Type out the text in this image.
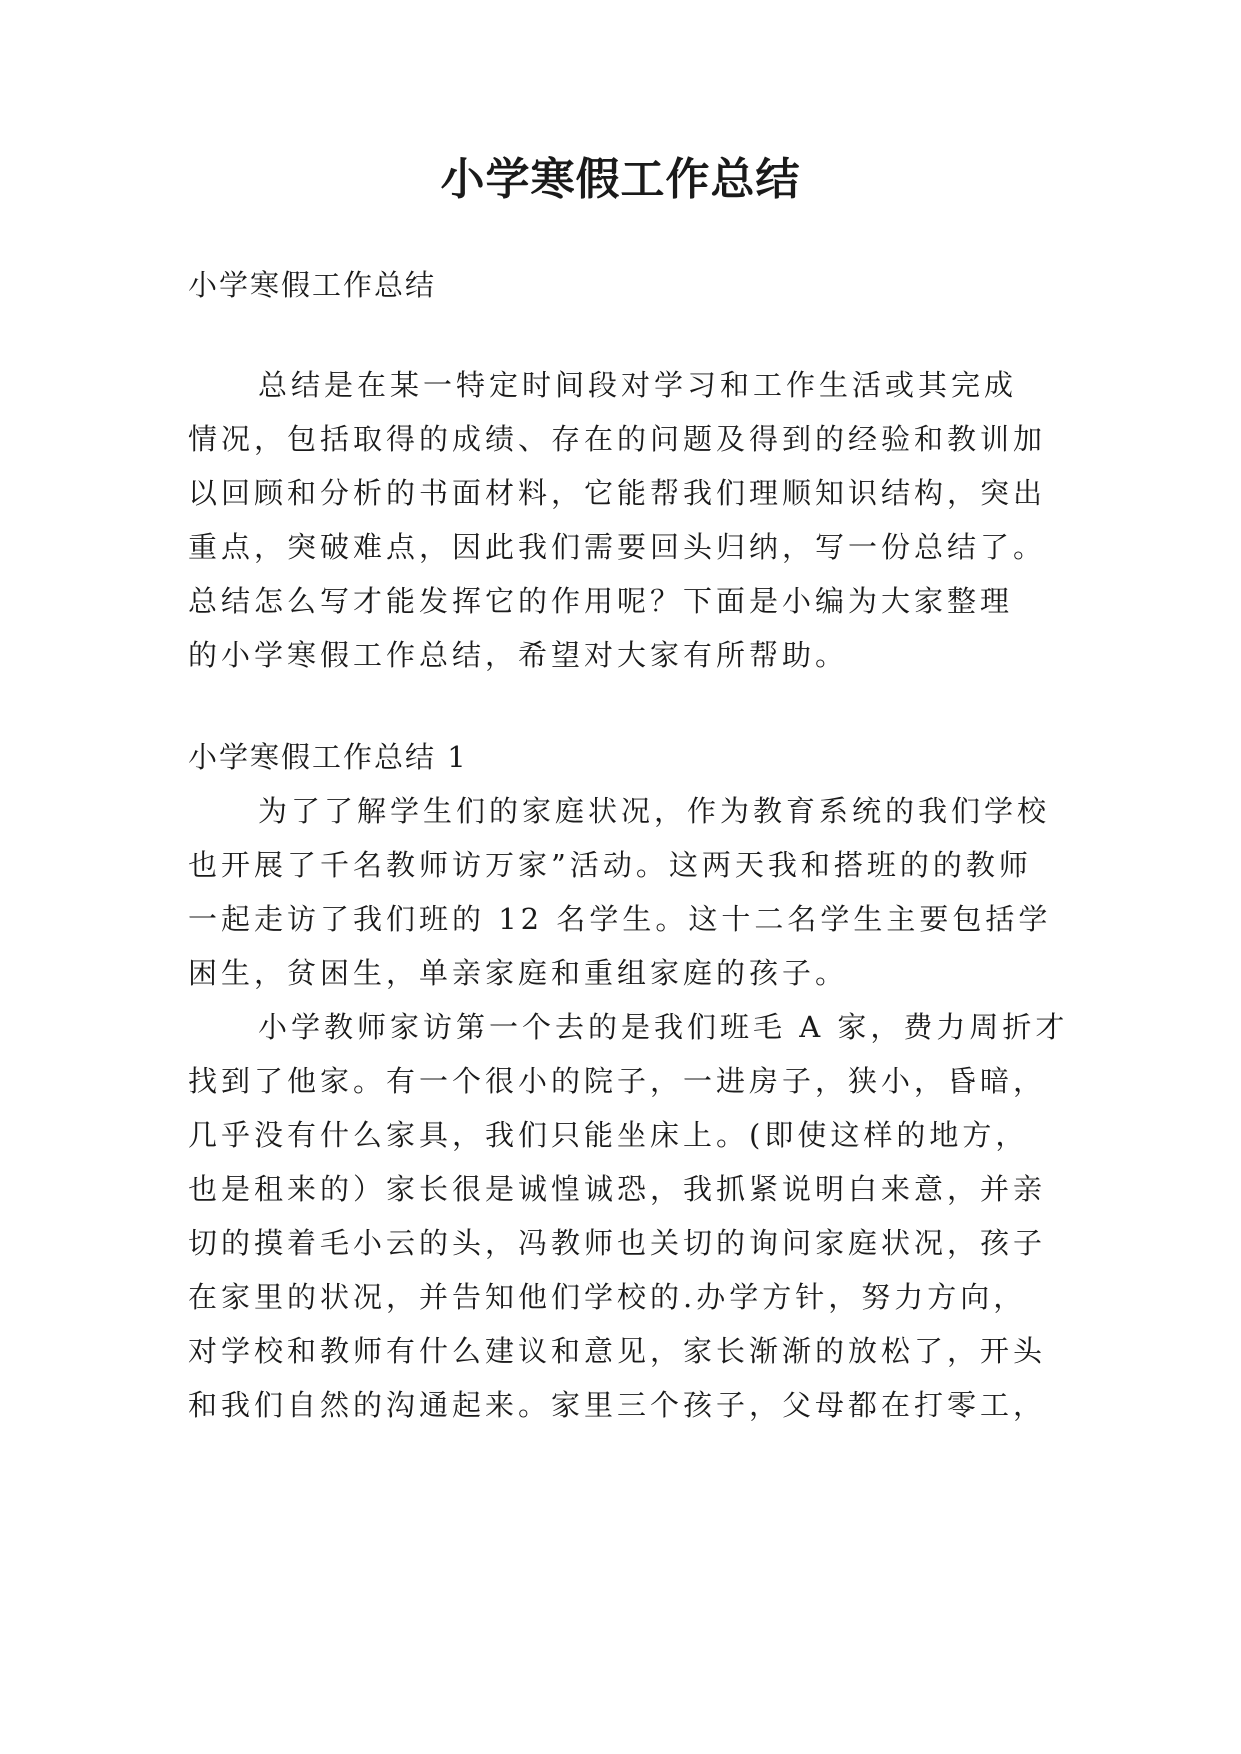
小学寒假工作总结

小学寒假工作总结

总结是在某一特定时间段对学习和工作生活或其完成

情况，包括取得的成绩、存在的问题及得到的经验和教训加

以回顾和分析的书面材料，它能帮我们理顺知识结构，突出

重点，突破难点，因此我们需要回头归纳，写一份总结了。

总结怎么写才能发挥它的作用呢？下面是小编为大家整理

的小学寒假工作总结，希望对大家有所帮助。

小学寒假工作总结 1

为了了解学生们的家庭状况，作为教育系统的我们学校

也开展了千名教师访万家”活动。这两天我和搭班的的教师

一起走访了我们班的 12 名学生。这十二名学生主要包括学

困生，贫困生，单亲家庭和重组家庭的孩子。

小学教师家访第一个去的是我们班毛 A 家，费力周折才

找到了他家。有一个很小的院子，一进房子，狭小，昏暗，

几乎没有什么家具，我们只能坐床上。(即使这样的地方，

也是租来的）家长很是诚惶诚恐，我抓紧说明白来意，并亲

切的摸着毛小云的头，冯教师也关切的询问家庭状况，孩子

在家里的状况，并告知他们学校的.办学方针，努力方向，

对学校和教师有什么建议和意见，家长渐渐的放松了，开头

和我们自然的沟通起来。家里三个孩子，父母都在打零工，
